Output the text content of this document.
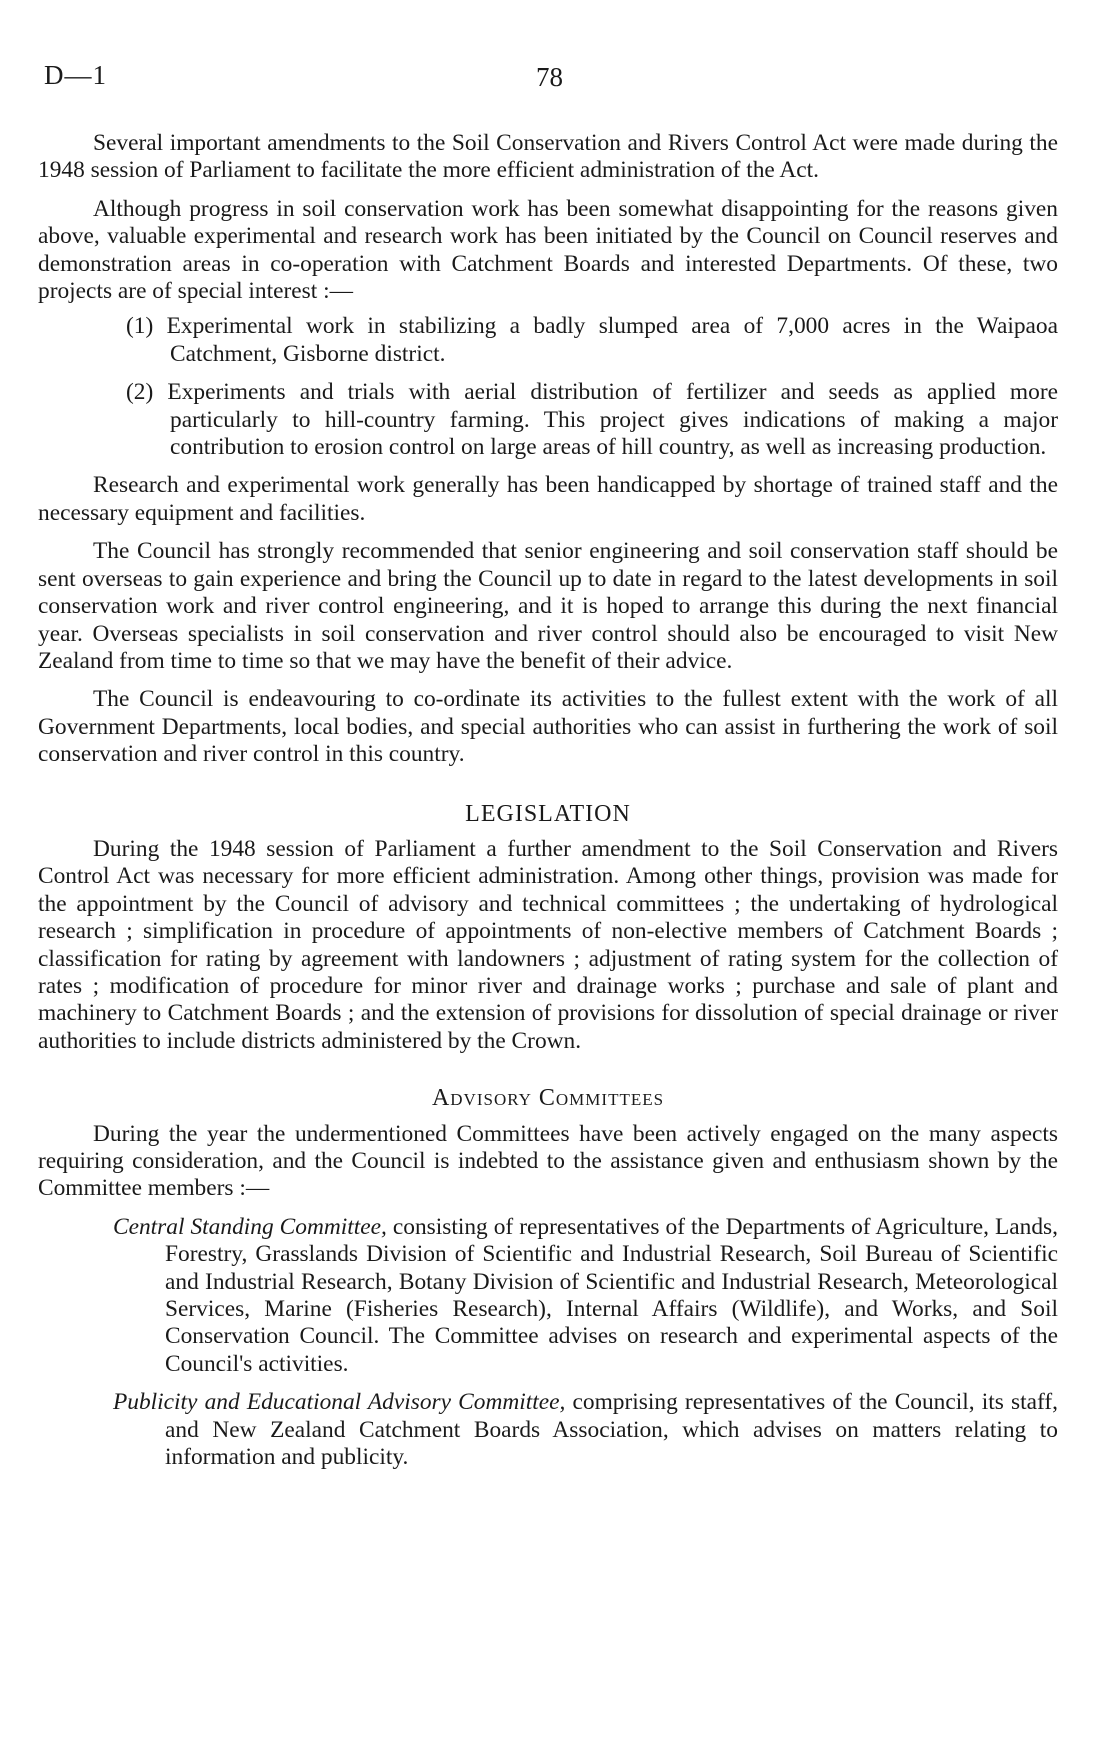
D—1	78

Several important amendments to the Soil Conservation and Rivers Control Act were made during the 1948 session of Parliament to facilitate the more efficient administration of the Act.

Although progress in soil conservation work has been somewhat disappointing for the reasons given above, valuable experimental and research work has been initiated by the Council on Council reserves and demonstration areas in co-operation with Catchment Boards and interested Departments. Of these, two projects are of special interest :—

(1) Experimental work in stabilizing a badly slumped area of 7,000 acres in the Waipaoa Catchment, Gisborne district.
(2) Experiments and trials with aerial distribution of fertilizer and seeds as applied more particularly to hill-country farming. This project gives indications of making a major contribution to erosion control on large areas of hill country, as well as increasing production.

Research and experimental work generally has been handicapped by shortage of trained staff and the necessary equipment and facilities.

The Council has strongly recommended that senior engineering and soil conservation staff should be sent overseas to gain experience and bring the Council up to date in regard to the latest developments in soil conservation work and river control engineering, and it is hoped to arrange this during the next financial year. Overseas specialists in soil conservation and river control should also be encouraged to visit New Zealand from time to time so that we may have the benefit of their advice.

The Council is endeavouring to co-ordinate its activities to the fullest extent with the work of all Government Departments, local bodies, and special authorities who can assist in furthering the work of soil conservation and river control in this country.

LEGISLATION

During the 1948 session of Parliament a further amendment to the Soil Conservation and Rivers Control Act was necessary for more efficient administration. Among other things, provision was made for the appointment by the Council of advisory and technical committees ; the undertaking of hydrological research ; simplification in procedure of appointments of non-elective members of Catchment Boards ; classification for rating by agreement with landowners ; adjustment of rating system for the collection of rates ; modification of procedure for minor river and drainage works ; purchase and sale of plant and machinery to Catchment Boards ; and the extension of provisions for dissolution of special drainage or river authorities to include districts administered by the Crown.

Advisory Committees

During the year the undermentioned Committees have been actively engaged on the many aspects requiring consideration, and the Council is indebted to the assistance given and enthusiasm shown by the Committee members :—

Central Standing Committee, consisting of representatives of the Departments of Agriculture, Lands, Forestry, Grasslands Division of Scientific and Industrial Research, Soil Bureau of Scientific and Industrial Research, Botany Division of Scientific and Industrial Research, Meteorological Services, Marine (Fisheries Research), Internal Affairs (Wildlife), and Works, and Soil Conservation Council. The Committee advises on research and experimental aspects of the Council's activities.
Publicity and Educational Advisory Committee, comprising representatives of the Council, its staff, and New Zealand Catchment Boards Association, which advises on matters relating to information and publicity.
